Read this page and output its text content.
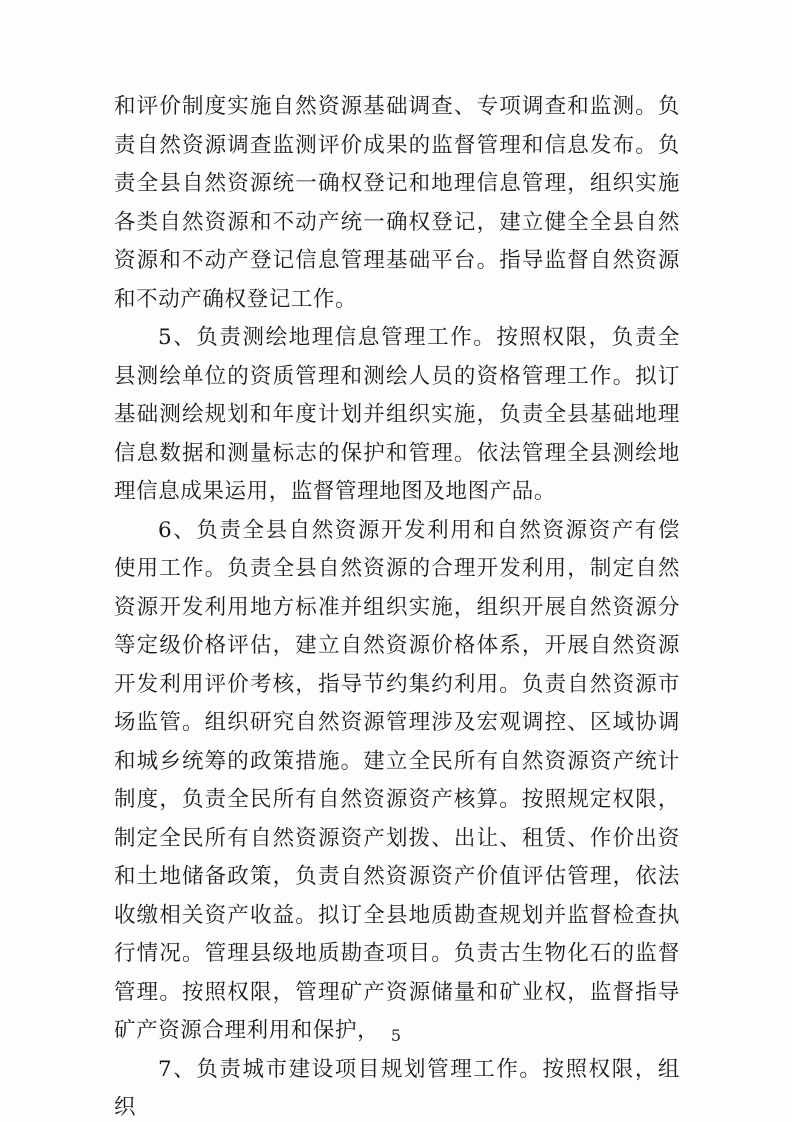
和评价制度实施自然资源基础调查、专项调查和监测。负责自然资源调查监测评价成果的监督管理和信息发布。负责全县自然资源统一确权登记和地理信息管理，组织实施各类自然资源和不动产统一确权登记，建立健全全县自然资源和不动产登记信息管理基础平台。指导监督自然资源和不动产确权登记工作。

5、负责测绘地理信息管理工作。按照权限，负责全县测绘单位的资质管理和测绘人员的资格管理工作。拟订基础测绘规划和年度计划并组织实施，负责全县基础地理信息数据和测量标志的保护和管理。依法管理全县测绘地理信息成果运用，监督管理地图及地图产品。

6、负责全县自然资源开发利用和自然资源资产有偿使用工作。负责全县自然资源的合理开发利用，制定自然资源开发利用地方标准并组织实施，组织开展自然资源分等定级价格评估，建立自然资源价格体系，开展自然资源开发利用评价考核，指导节约集约利用。负责自然资源市场监管。组织研究自然资源管理涉及宏观调控、区域协调和城乡统筹的政策措施。建立全民所有自然资源资产统计制度，负责全民所有自然资源资产核算。按照规定权限，制定全民所有自然资源资产划拨、出让、租赁、作价出资和土地储备政策，负责自然资源资产价值评估管理，依法收缴相关资产收益。拟订全县地质勘查规划并监督检查执行情况。管理县级地质勘查项目。负责古生物化石的监督管理。按照权限，管理矿产资源储量和矿业权，监督指导矿产资源合理利用和保护，

7、负责城市建设项目规划管理工作。按照权限，组织

5
